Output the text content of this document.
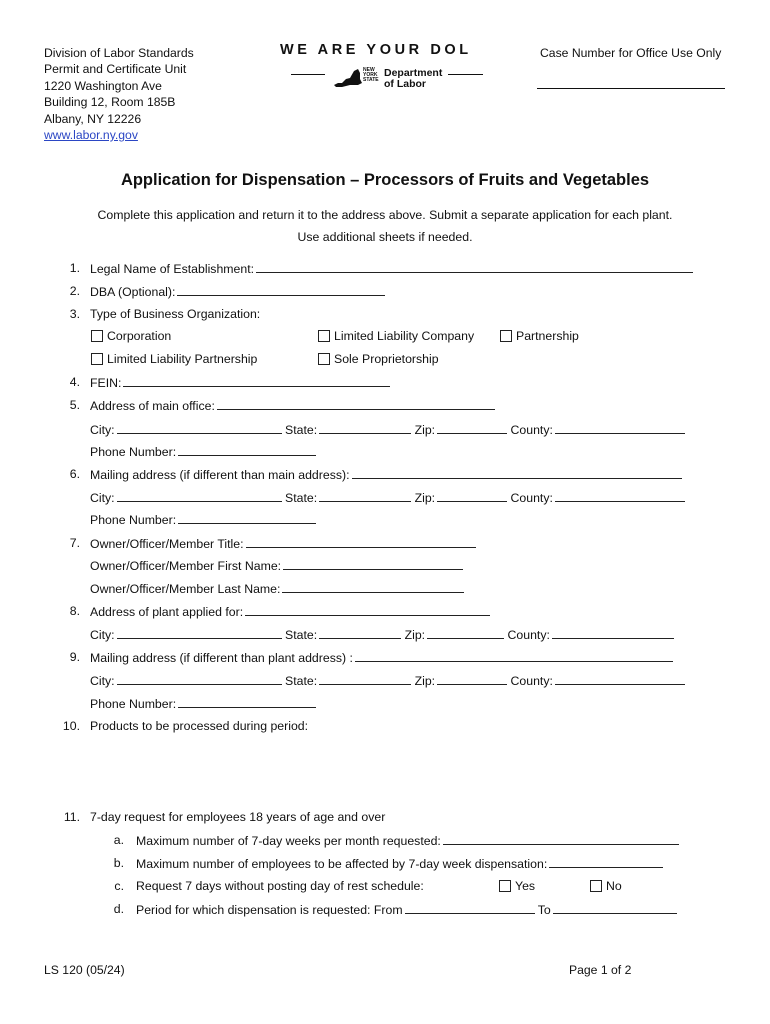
Division of Labor Standards
Permit and Certificate Unit
1220 Washington Ave
Building 12, Room 185B
Albany, NY 12226
www.labor.ny.gov
WE ARE YOUR DOL
NEW
YORK
STATE
Department
of Labor
Case Number for Office Use Only
Application for Dispensation – Processors of Fruits and Vegetables
Complete this application and return it to the address above. Submit a separate application for each plant.
Use additional sheets if needed.
1. Legal Name of Establishment:
2. DBA (Optional):
3. Type of Business Organization:
Corporation	Limited Liability Company	Partnership
Limited Liability Partnership	Sole Proprietorship
4. FEIN:
5. Address of main office:
City:	State:	Zip:	County:
Phone Number:
6. Mailing address (if different than main address):
City:	State:	Zip:	County:
Phone Number:
7. Owner/Officer/Member Title:
Owner/Officer/Member First Name:
Owner/Officer/Member Last Name:
8. Address of plant applied for:
City:	State:	Zip:	County:
9. Mailing address (if different than plant address) :
City:	State:	Zip:	County:
Phone Number:
10. Products to be processed during period:
11. 7-day request for employees 18 years of age and over
a. Maximum number of 7-day weeks per month requested:
b. Maximum number of employees to be affected by 7-day week dispensation:
c. Request 7 days without posting day of rest schedule:	Yes	No
d. Period for which dispensation is requested: From	To
LS 120 (05/24)	Page 1 of 2
